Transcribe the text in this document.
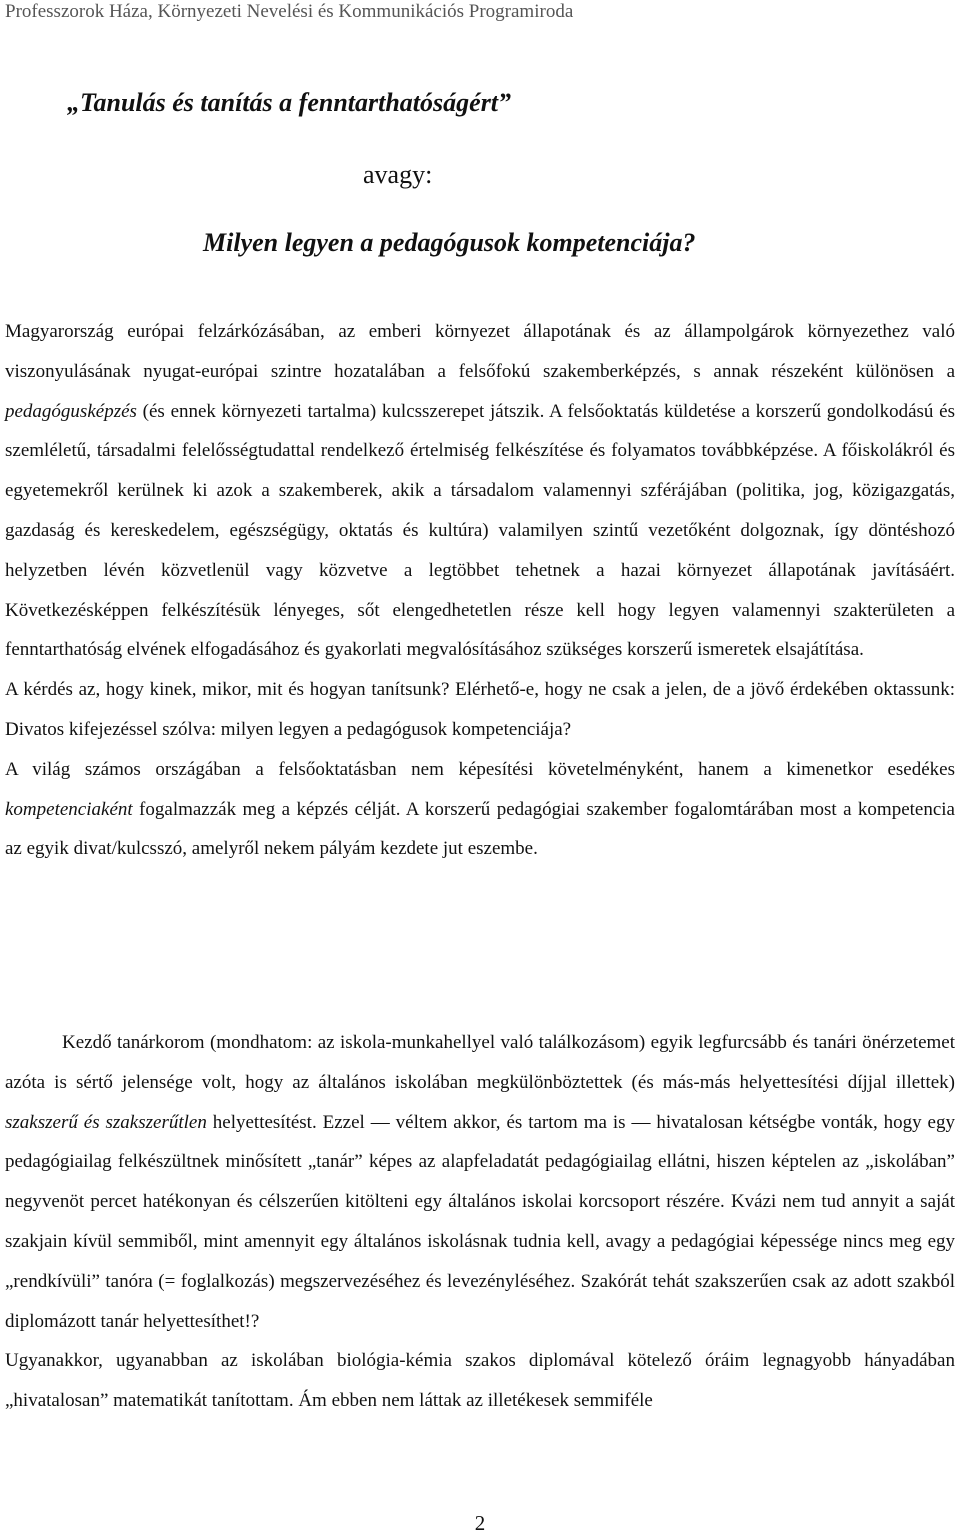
Professzorok Háza, Környezeti Nevelési és Kommunikációs Programiroda
„Tanulás és tanítás a fenntarthatóságért”
avagy:
Milyen legyen a pedagógusok kompetenciája?
Magyarország európai felzárkózásában, az emberi környezet állapotának és az állampolgárok környezethez való viszonyulásának nyugat-európai szintre hozatalában a felsőfokú szakemberképzés, s annak részeként különösen a pedagógusképzés (és ennek környezeti tartalma) kulcsszerepet játszik. A felsőoktatás küldetése a korszerű gondolkodású és szemléletű, társadalmi felelősségtudattal rendelkező értelmiség felkészítése és folyamatos továbbképzése. A főiskolákról és egyetemekről kerülnek ki azok a szakemberek, akik a társadalom valamennyi szférájában (politika, jog, közigazgatás, gazdaság és kereskedelem, egészségügy, oktatás és kultúra) valamilyen szintű vezetőként dolgoznak, így döntéshozó helyzetben lévén közvetlenül vagy közvetve a legtöbbet tehetnek a hazai környezet állapotának javításáért. Következésképpen felkészítésük lényeges, sőt elengedhetetlen része kell hogy legyen valamennyi szakterületen a fenntarthatóság elvének elfogadásához és gyakorlati megvalósításához szükséges korszerű ismeretek elsajátítása.
A kérdés az, hogy kinek, mikor, mit és hogyan tanítsunk? Elérhető-e, hogy ne csak a jelen, de a jövő érdekében oktassunk: Divatos kifejezéssel szólva: milyen legyen a pedagógusok kompetenciája?
A világ számos országában a felsőoktatásban nem képesítési követelményként, hanem a kimenetkor esedékes kompetenciaként fogalmazzák meg a képzés célját. A korszerű pedagógiai szakember fogalomtárában most a kompetencia az egyik divat/kulcsszó, amelyről nekem pályám kezdete jut eszembe.

Kezdő tanárkorom (mondhatom: az iskola-munkahellyel való találkozásom) egyik legfurcsább és tanári önérzetemet azóta is sértő jelensége volt, hogy az általános iskolában megkülönböztettek (és más-más helyettesítési díjjal illettek) szakszerű és szakszerűtlen helyettesítést. Ezzel — véltem akkor, és tartom ma is — hivatalosan kétségbe vonták, hogy egy pedagógiailag felkészültnek minősített „tanár” képes az alapfeladatát pedagógiailag ellátni, hiszen képtelen az „iskolában” negyvenöt percet hatékonyan és célszerűen kitölteni egy általános iskolai korcsoport részére. Kvázi nem tud annyit a saját szakjain kívül semmiből, mint amennyit egy általános iskolásnak tudnia kell, avagy a pedagógiai képessége nincs meg egy „rendkívüli” tanóra (= foglalkozás) megszervezéséhez és levezényléséhez. Szakórát tehát szakszerűen csak az adott szakból diplomázott tanár helyettesíthet!?
Ugyanakkor, ugyanabban az iskolában biológia-kémia szakos diplomával kötelező óráim legnagyobb hányadában „hivatalosan” matematikát tanítottam. Ám ebben nem láttak az illetékesek semmiféle

2
